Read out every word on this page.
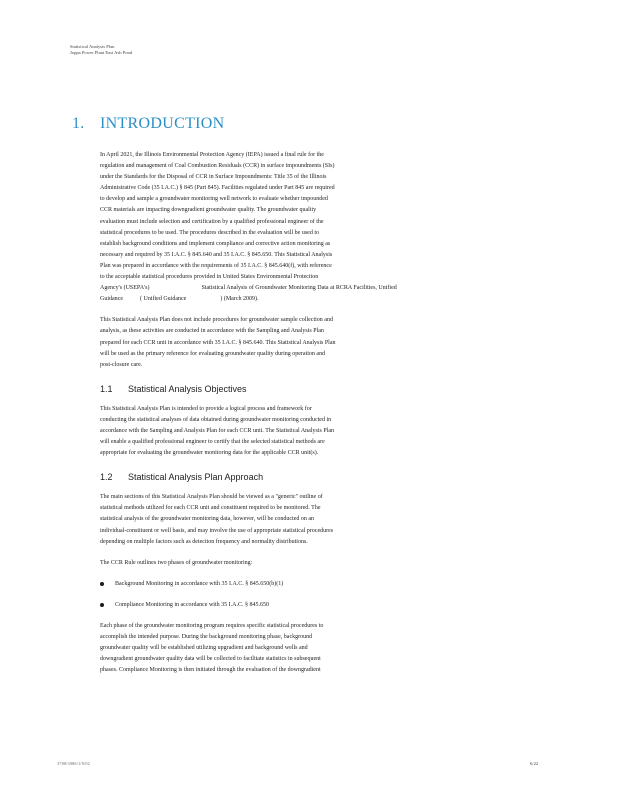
Statistical Analysis Plan
Joppa Power Plant East Ash Pond
1. INTRODUCTION
In April 2021, the Illinois Environmental Protection Agency (IEPA) issued a final rule for the
regulation and management of Coal Combustion Residuals (CCR) in surface impoundments (SIs)
under the Standards for the Disposal of CCR in Surface Impoundments: Title 35 of the Illinois
Administrative Code (35 I.A.C.) § 845 (Part 845). Facilities regulated under Part 845 are required
to develop and sample a groundwater monitoring well network to evaluate whether impounded
CCR materials are impacting downgradient groundwater quality. The groundwater quality
evaluation must include selection and certification by a qualified professional engineer of the
statistical procedures to be used. The procedures described in the evaluation will be used to
establish background conditions and implement compliance and corrective action monitoring as
necessary and required by 35 I.A.C. § 845.640 and 35 I.A.C. § 845.650. This Statistical Analysis
Plan was prepared in accordance with the requirements of 35 I.A.C. § 845.640(f), with reference
to the acceptable statistical procedures provided in United States Environmental Protection
Agency's (USEPA's)	Statistical Analysis of Groundwater Monitoring Data at RCRA Facilities, Unified
Guidance	( Unified Guidance	) (March 2009).
This Statistical Analysis Plan does not include procedures for groundwater sample collection and
analysis, as these activities are conducted in accordance with the Sampling and Analysis Plan
prepared for each CCR unit in accordance with 35 I.A.C. § 845.640. This Statistical Analysis Plan
will be used as the primary reference for evaluating groundwater quality during operation and
post-closure care.
1.1 Statistical Analysis Objectives
This Statistical Analysis Plan is intended to provide a logical process and framework for
conducting the statistical analyses of data obtained during groundwater monitoring conducted in
accordance with the Sampling and Analysis Plan for each CCR unit. The Statistical Analysis Plan
will enable a qualified professional engineer to certify that the selected statistical methods are
appropriate for evaluating the groundwater monitoring data for the applicable CCR unit(s).
1.2 Statistical Analysis Plan Approach
The main sections of this Statistical Analysis Plan should be viewed as a "generic" outline of
statistical methods utilized for each CCR unit and constituent required to be monitored. The
statistical analysis of the groundwater monitoring data, however, will be conducted on an
individual-constituent or well basis, and may involve the use of appropriate statistical procedures
depending on multiple factors such as detection frequency and normality distributions.
The CCR Rule outlines two phases of groundwater monitoring:
Background Monitoring in accordance with 35 I.A.C. § 845.650(b)(1)
Compliance Monitoring in accordance with 35 I.A.C. § 845.650
Each phase of the groundwater monitoring program requires specific statistical procedures to
accomplish the intended purpose. During the background monitoring phase, background
groundwater quality will be established utilizing upgradient and background wells and
downgradient groundwater quality data will be collected to facilitate statistics in subsequent
phases. Compliance Monitoring is then initiated through the evaluation of the downgradient
3788/3986/1/9/02	6/22
